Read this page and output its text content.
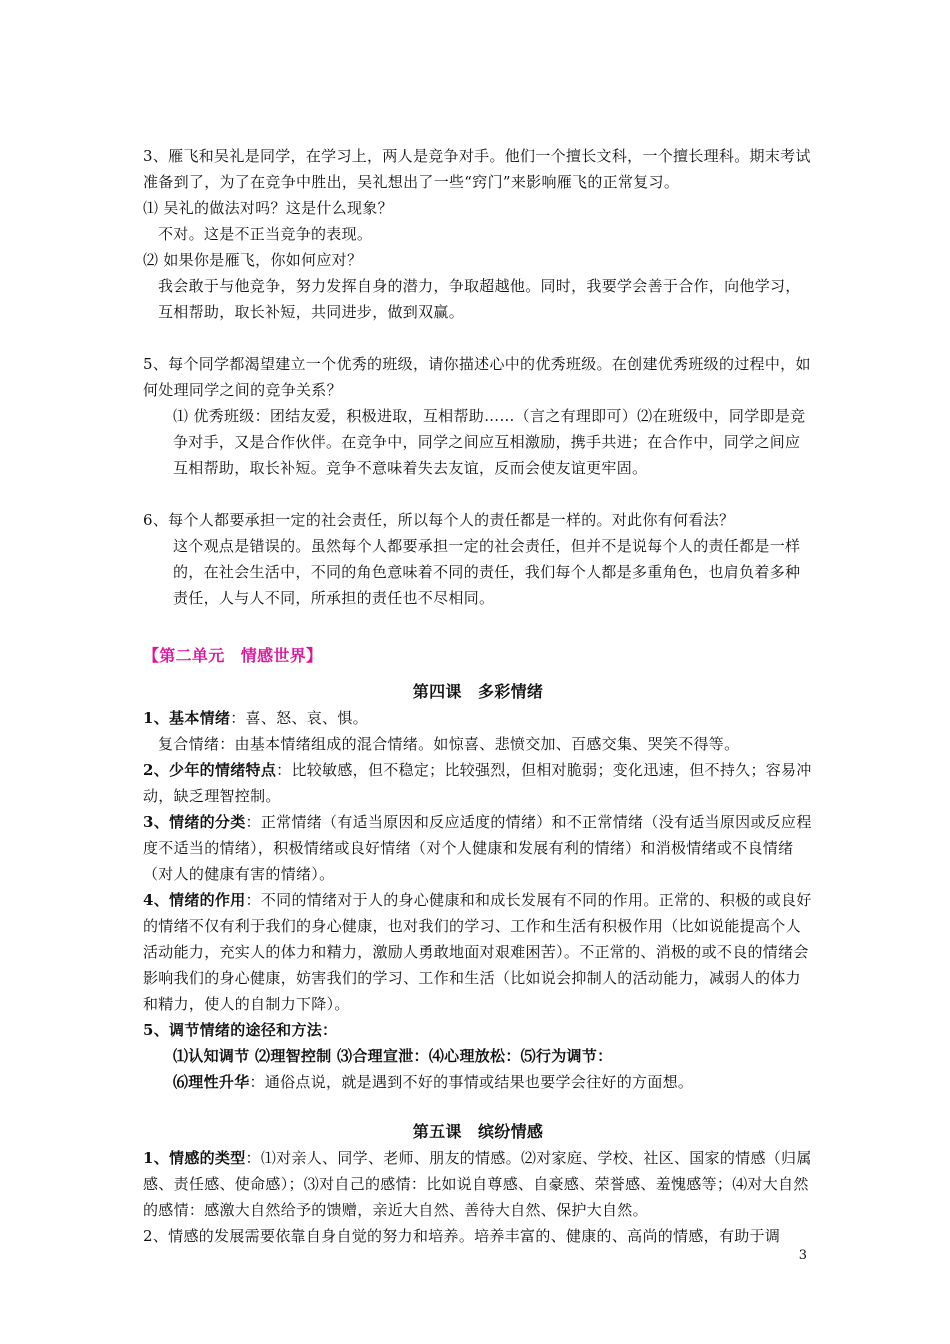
3、雁飞和吴礼是同学，在学习上，两人是竞争对手。他们一个擅长文科，一个擅长理科。期末考试准备到了，为了在竞争中胜出，吴礼想出了一些“窍门”来影响雁飞的正常复习。

⑴ 吴礼的做法对吗？这是什么现象？

不对。这是不正当竞争的表现。

⑵ 如果你是雁飞，你如何应对？

我会敢于与他竞争，努力发挥自身的潜力，争取超越他。同时，我要学会善于合作，向他学习，互相帮助，取长补短，共同进步，做到双赢。

5、每个同学都渴望建立一个优秀的班级，请你描述心中的优秀班级。在创建优秀班级的过程中，如何处理同学之间的竞争关系？

⑴ 优秀班级：团结友爱，积极进取，互相帮助……（言之有理即可）⑵在班级中，同学即是竞争对手，又是合作伙伴。在竞争中，同学之间应互相激励，携手共进；在合作中，同学之间应互相帮助，取长补短。竞争不意味着失去友谊，反而会使友谊更牢固。

6、每个人都要承担一定的社会责任，所以每个人的责任都是一样的。对此你有何看法？

这个观点是错误的。虽然每个人都要承担一定的社会责任，但并不是说每个人的责任都是一样的，在社会生活中，不同的角色意味着不同的责任，我们每个人都是多重角色，也肩负着多种责任，人与人不同，所承担的责任也不尽相同。

【第二单元　情感世界】

第四课　多彩情绪

1、基本情绪：喜、怒、哀、惧。

复合情绪：由基本情绪组成的混合情绪。如惊喜、悲愤交加、百感交集、哭笑不得等。

2、少年的情绪特点：比较敏感，但不稳定；比较强烈，但相对脆弱；变化迅速，但不持久；容易冲动，缺乏理智控制。

3、情绪的分类：正常情绪（有适当原因和反应适度的情绪）和不正常情绪（没有适当原因或反应程度不适当的情绪），积极情绪或良好情绪（对个人健康和发展有利的情绪）和消极情绪或不良情绪（对人的健康有害的情绪）。

4、情绪的作用：不同的情绪对于人的身心健康和和成长发展有不同的作用。正常的、积极的或良好的情绪不仅有利于我们的身心健康，也对我们的学习、工作和生活有积极作用（比如说能提高个人活动能力，充实人的体力和精力，激励人勇敢地面对艰难困苦）。不正常的、消极的或不良的情绪会影响我们的身心健康，妨害我们的学习、工作和生活（比如说会抑制人的活动能力，减弱人的体力和精力，使人的自制力下降）。

5、调节情绪的途径和方法：

⑴认知调节 ⑵理智控制 ⑶合理宣泄：⑷心理放松：⑸行为调节：

⑹理性升华：通俗点说，就是遇到不好的事情或结果也要学会往好的方面想。

第五课　缤纷情感

1、情感的类型：⑴对亲人、同学、老师、朋友的情感。⑵对家庭、学校、社区、国家的情感（归属感、责任感、使命感）；⑶对自己的感情：比如说自尊感、自豪感、荣誉感、羞愧感等；⑷对大自然的感情：感激大自然给予的馈赠，亲近大自然、善待大自然、保护大自然。

2、情感的发展需要依靠自身自觉的努力和培养。培养丰富的、健康的、高尚的情感，有助于调

3
